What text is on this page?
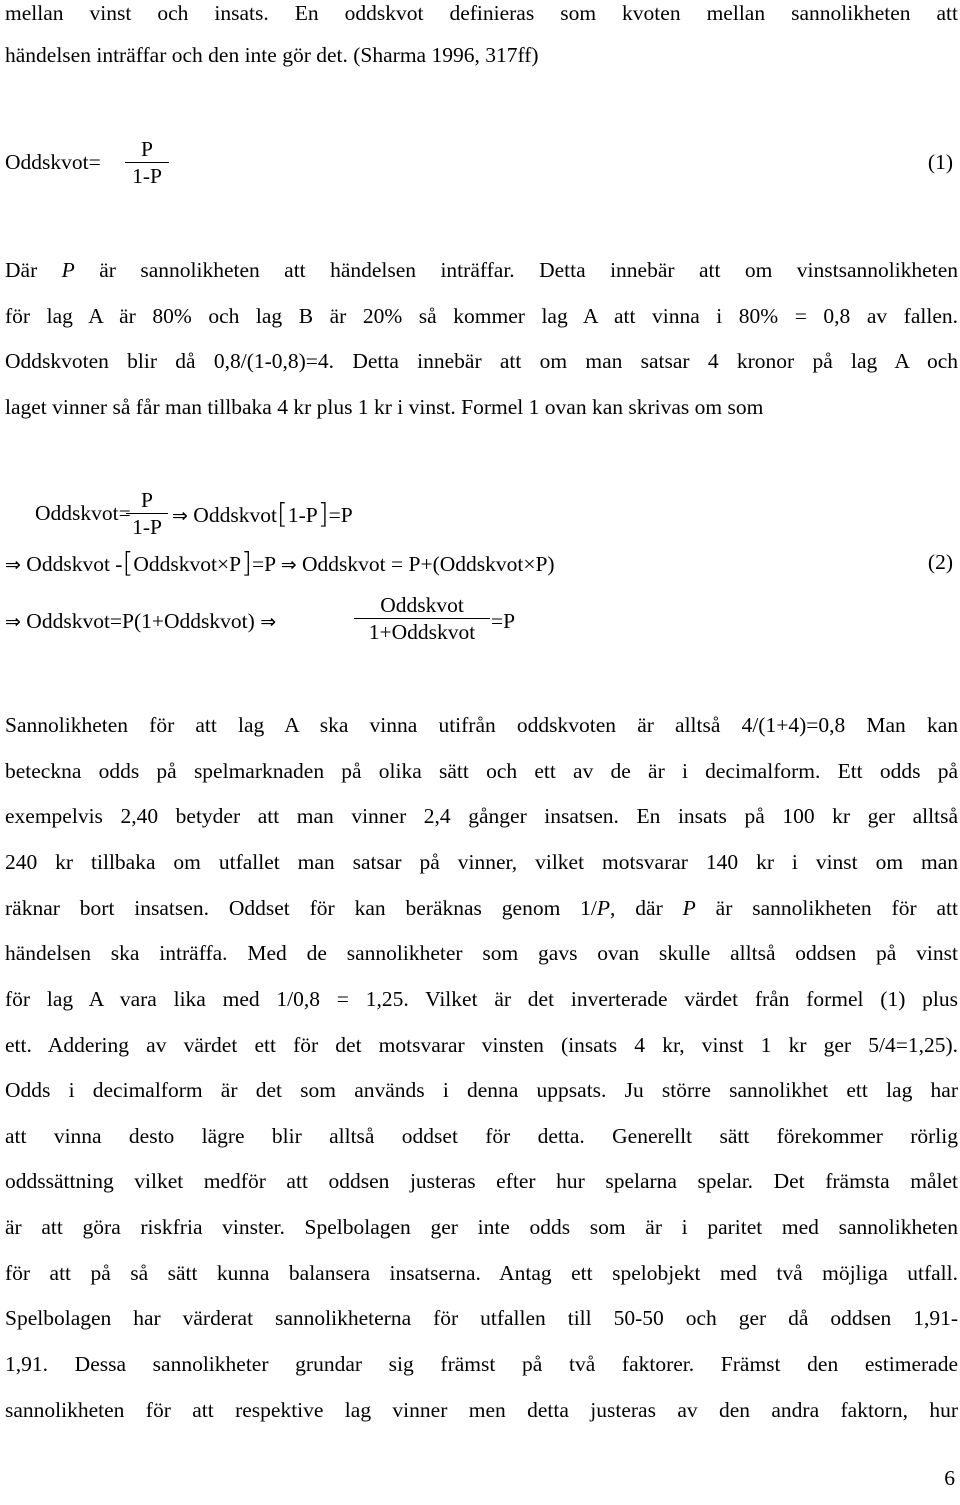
mellan vinst och insats. En oddskvot definieras som kvoten mellan sannolikheten att
händelsen inträffar och den inte gör det. (Sharma 1996, 317ff)
Oddskvot= $\frac{P}{1-P}$	(1)
Där P är sannolikheten att händelsen inträffar. Detta innebär att om vinstsannolikheten
för lag A är 80% och lag B är 20% så kommer lag A att vinna i 80% = 0,8 av fallen.
Oddskvoten blir då 0,8/(1-0,8)=4. Detta innebär att om man satsar 4 kronor på lag A och
laget vinner så får man tillbaka 4 kr plus 1 kr i vinst. Formel 1 ovan kan skrivas om som
Oddskvot=
$\frac{P}{1-P}$ ⇒ Oddskvot[1-P]=P
⇒ Oddskvot -[Oddskvot×P]=P ⇒ Oddskvot = P+(Oddskvot×P)	(2)
⇒ Oddskvot=P(1+Oddskvot) ⇒
Oddskvot
1+Oddskvot =P
Sannolikheten för att lag A ska vinna utifrån oddskvoten är alltså 4/(1+4)=0,8 Man kan
beteckna odds på spelmarknaden på olika sätt och ett av de är i decimalform. Ett odds på
exempelvis 2,40 betyder att man vinner 2,4 gånger insatsen. En insats på 100 kr ger alltså
240 kr tillbaka om utfallet man satsar på vinner, vilket motsvarar 140 kr i vinst om man
räknar bort insatsen. Oddset för kan beräknas genom 1/P, där P är sannolikheten för att
händelsen ska inträffa. Med de sannolikheter som gavs ovan skulle alltså oddsen på vinst
för lag A vara lika med 1/0,8 = 1,25. Vilket är det inverterade värdet från formel (1) plus
ett. Addering av värdet ett för det motsvarar vinsten (insats 4 kr, vinst 1 kr ger 5/4=1,25).
Odds i decimalform är det som används i denna uppsats. Ju större sannolikhet ett lag har
att vinna desto lägre blir alltså oddset för detta. Generellt sätt förekommer rörlig
oddssättning vilket medför att oddsen justeras efter hur spelarna spelar. Det främsta målet
är att göra riskfria vinster. Spelbolagen ger inte odds som är i paritet med sannolikheten
för att på så sätt kunna balansera insatserna. Antag ett spelobjekt med två möjliga utfall.
Spelbolagen har värderat sannolikheterna för utfallen till 50-50 och ger då oddsen 1,91-
1,91. Dessa sannolikheter grundar sig främst på två faktorer. Främst den estimerade
sannolikheten för att respektive lag vinner men detta justeras av den andra faktorn, hur
6
